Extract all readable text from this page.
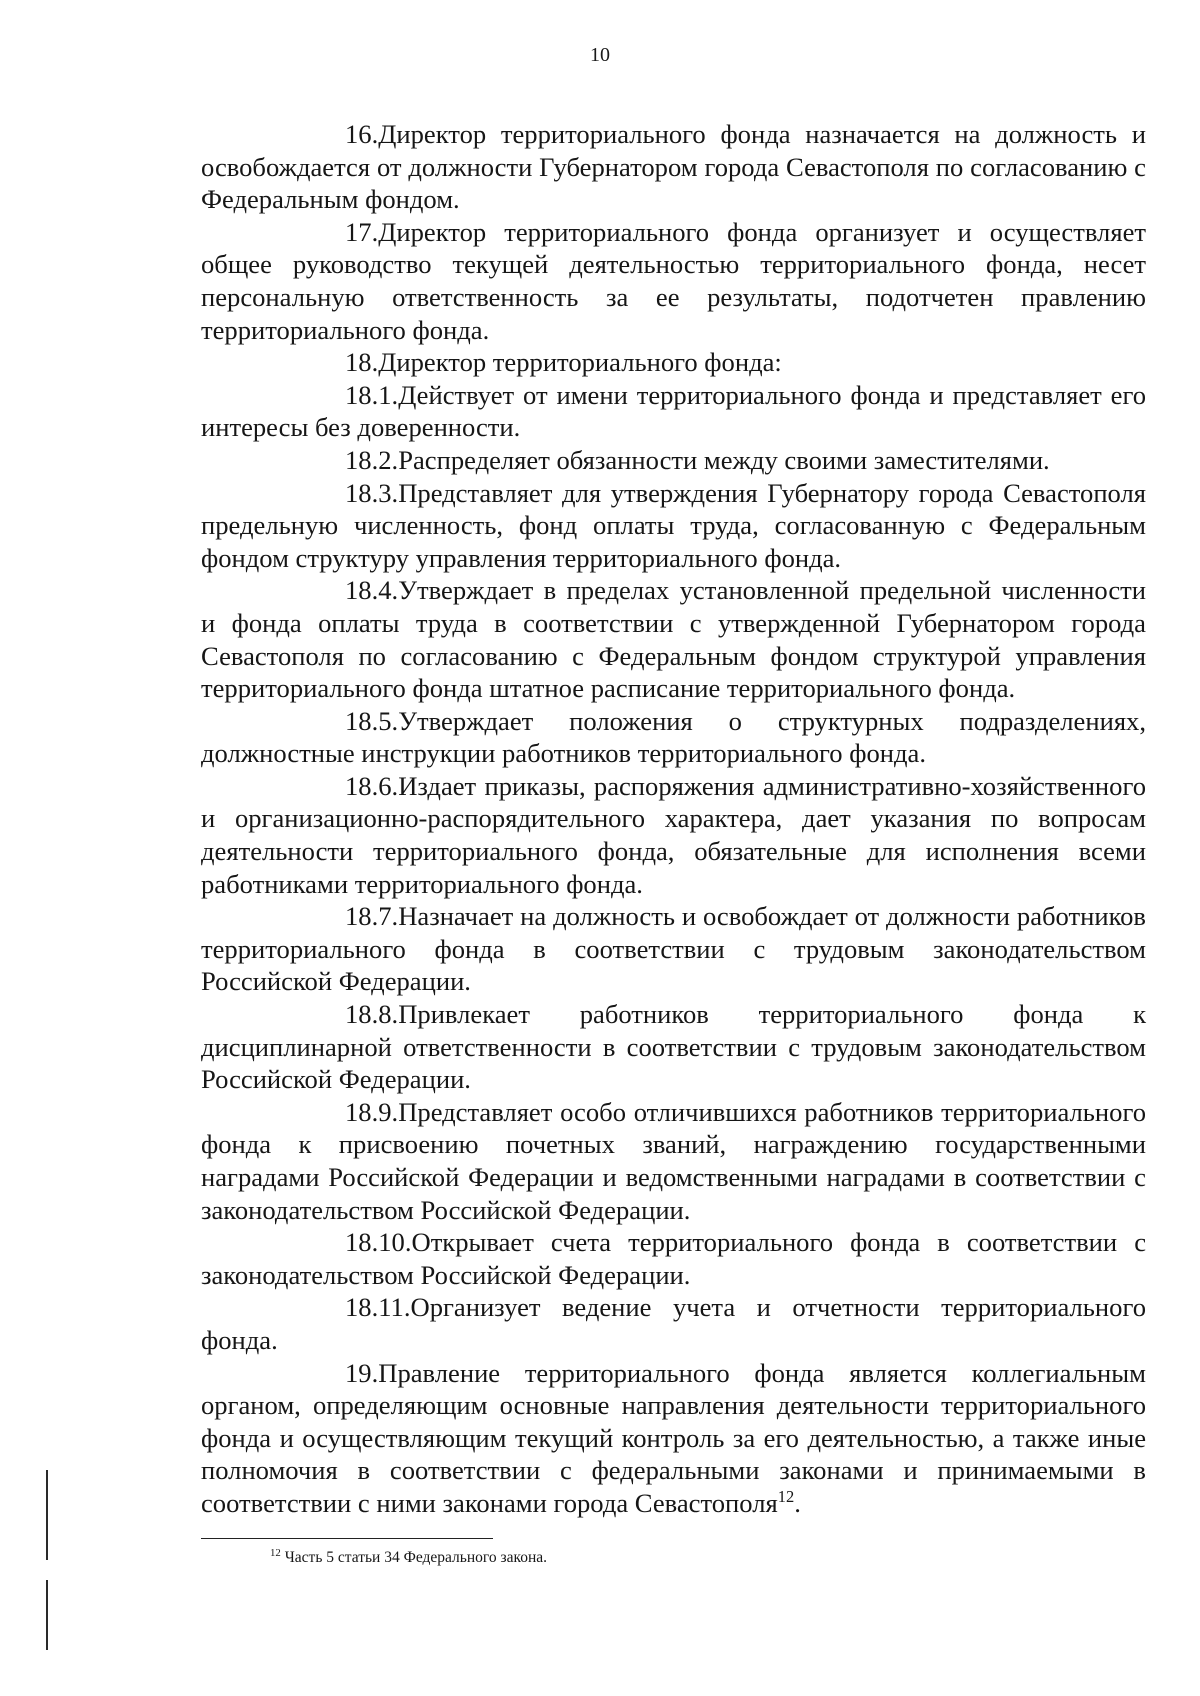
10

16.Директор территориального фонда назначается на должность и освобождается от должности Губернатором города Севастополя по согласованию с Федеральным фондом.

17.Директор территориального фонда организует и осуществляет общее руководство текущей деятельностью территориального фонда, несет персональную ответственность за ее результаты, подотчетен правлению территориального фонда.

18.Директор территориального фонда:

18.1.Действует от имени территориального фонда и представляет его интересы без доверенности.

18.2.Распределяет обязанности между своими заместителями.

18.3.Представляет для утверждения Губернатору города Севастополя предельную численность, фонд оплаты труда, согласованную с Федеральным фондом структуру управления территориального фонда.

18.4.Утверждает в пределах установленной предельной численности и фонда оплаты труда в соответствии с утвержденной Губернатором города Севастополя по согласованию с Федеральным фондом структурой управления территориального фонда штатное расписание территориального фонда.

18.5.Утверждает положения о структурных подразделениях, должностные инструкции работников территориального фонда.

18.6.Издает приказы, распоряжения административно-хозяйственного и организационно-распорядительного характера, дает указания по вопросам деятельности территориального фонда, обязательные для исполнения всеми работниками территориального фонда.

18.7.Назначает на должность и освобождает от должности работников территориального фонда в соответствии с трудовым законодательством Российской Федерации.

18.8.Привлекает работников территориального фонда к дисциплинарной ответственности в соответствии с трудовым законодательством Российской Федерации.

18.9.Представляет особо отличившихся работников территориального фонда к присвоению почетных званий, награждению государственными наградами Российской Федерации и ведомственными наградами в соответствии с законодательством Российской Федерации.

18.10.Открывает счета территориального фонда в соответствии с законодательством Российской Федерации.

18.11.Организует ведение учета и отчетности территориального фонда.

19.Правление территориального фонда является коллегиальным органом, определяющим основные направления деятельности территориального фонда и осуществляющим текущий контроль за его деятельностью, а также иные полномочия в соответствии с федеральными законами и принимаемыми в соответствии с ними законами города Севастополя$^{12}$.

$^{12}$ Часть 5 статьи 34 Федерального закона.
